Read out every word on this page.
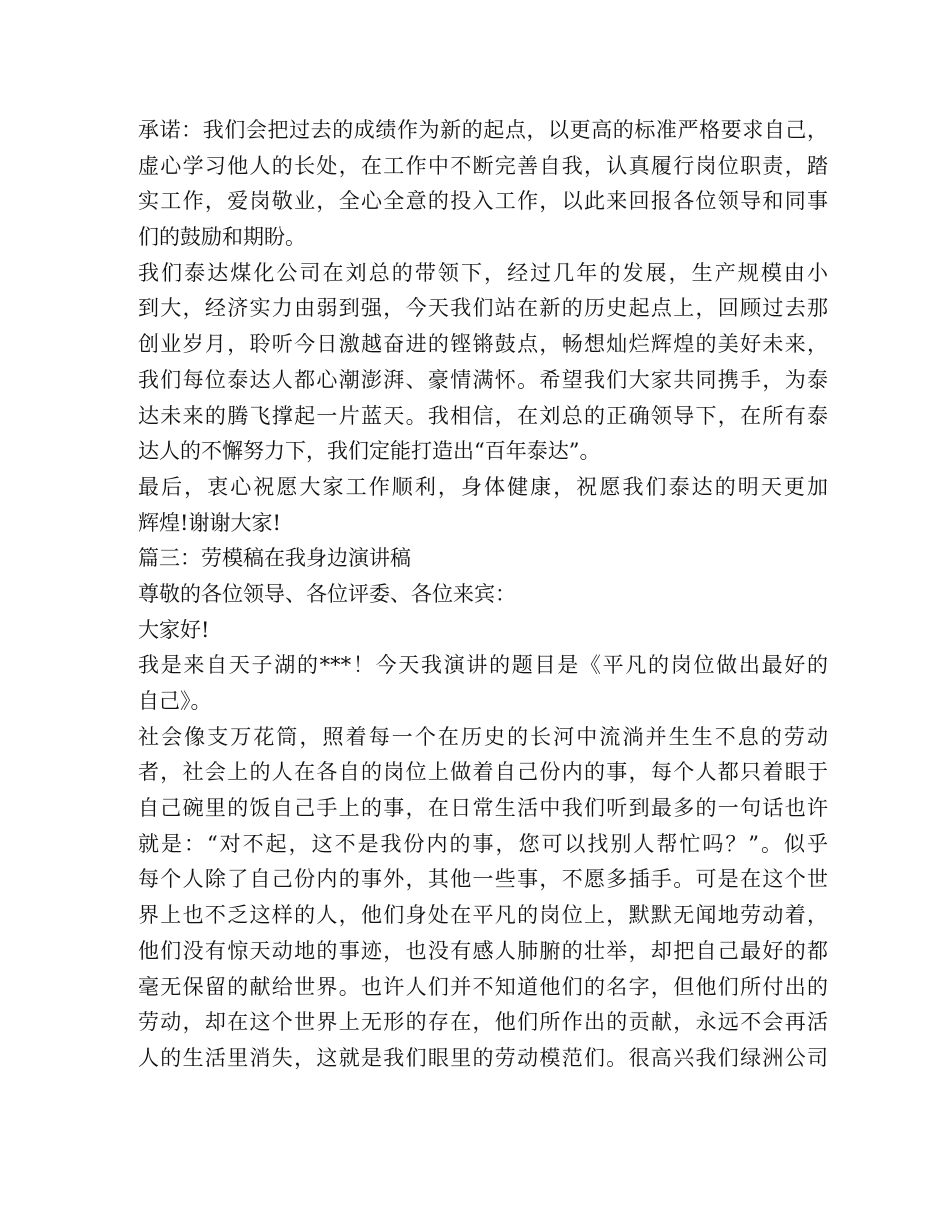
承诺：我们会把过去的成绩作为新的起点，以更高的标准严格要求自己，
虚心学习他人的长处，在工作中不断完善自我，认真履行岗位职责，踏
实工作，爱岗敬业，全心全意的投入工作，以此来回报各位领导和同事
们的鼓励和期盼。
我们泰达煤化公司在刘总的带领下，经过几年的发展，生产规模由小
到大，经济实力由弱到强，今天我们站在新的历史起点上，回顾过去那
创业岁月，聆听今日激越奋进的铿锵鼓点，畅想灿烂辉煌的美好未来，
我们每位泰达人都心潮澎湃、豪情满怀。希望我们大家共同携手，为泰
达未来的腾飞撑起一片蓝天。我相信，在刘总的正确领导下，在所有泰
达人的不懈努力下，我们定能打造出“百年泰达”。
最后，衷心祝愿大家工作顺利，身体健康，祝愿我们泰达的明天更加
辉煌!谢谢大家!
篇三：劳模稿在我身边演讲稿
尊敬的各位领导、各位评委、各位来宾：
大家好!
我是来自天子湖的***！今天我演讲的题目是《平凡的岗位做出最好的
自己》。
社会像支万花筒，照着每一个在历史的长河中流淌并生生不息的劳动
者，社会上的人在各自的岗位上做着自己份内的事，每个人都只着眼于
自己碗里的饭自己手上的事，在日常生活中我们听到最多的一句话也许
就是：“对不起，这不是我份内的事，您可以找别人帮忙吗？”。似乎
每个人除了自己份内的事外，其他一些事，不愿多插手。可是在这个世
界上也不乏这样的人，他们身处在平凡的岗位上，默默无闻地劳动着，
他们没有惊天动地的事迹，也没有感人肺腑的壮举，却把自己最好的都
毫无保留的献给世界。也许人们并不知道他们的名字，但他们所付出的
劳动，却在这个世界上无形的存在，他们所作出的贡献，永远不会再活
人的生活里消失，这就是我们眼里的劳动模范们。很高兴我们绿洲公司
